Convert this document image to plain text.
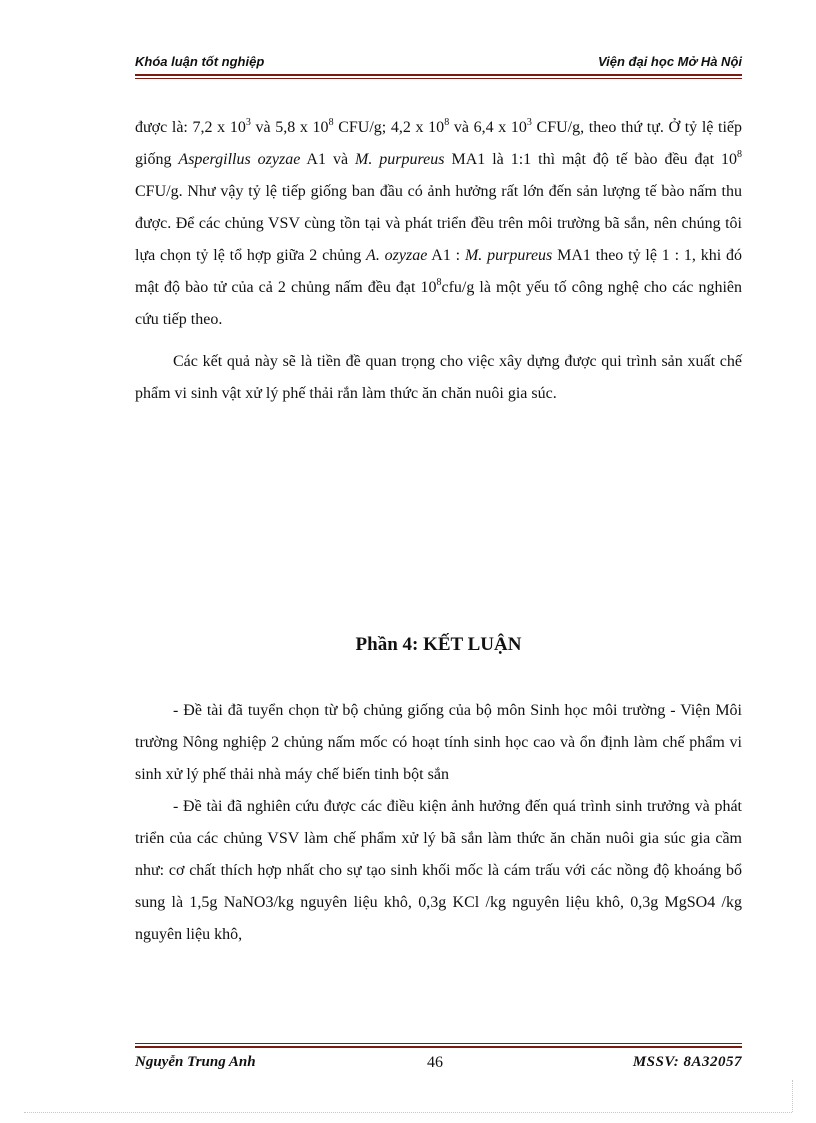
Khóa luận tốt nghiệp	Viện đại học Mở Hà Nội

được là: 7,2 x $10^3$ và 5,8 x $10^8$ CFU/g; 4,2 x $10^8$ và 6,4 x $10^3$ CFU/g, theo thứ tự. Ở tỷ lệ tiếp giống Aspergillus ozyzae A1 và M. purpureus MA1 là 1:1 thì mật độ tế bào đều đạt $10^8$ CFU/g. Như vậy tỷ lệ tiếp giống ban đầu có ảnh hưởng rất lớn đến sản lượng tế bào nấm thu được. Để các chủng VSV cùng tồn tại và phát triển đều trên môi trường bã sắn, nên chúng tôi lựa chọn tỷ lệ tổ hợp giữa 2 chủng A. ozyzae A1 : M. purpureus MA1 theo tỷ lệ 1 : 1, khi đó mật độ bào tử của cả 2 chủng nấm đều đạt $10^8cfu/g$ là một yếu tố công nghệ cho các nghiên cứu tiếp theo.

Các kết quả này sẽ là tiền đề quan trọng cho việc xây dựng được qui trình sản xuất chế phẩm vi sinh vật xử lý phế thải rắn làm thức ăn chăn nuôi gia súc.

Phần 4: KẾT LUẬN

- Đề tài đã tuyển chọn từ bộ chủng giống của bộ môn Sinh học môi trường - Viện Môi trường Nông nghiệp 2 chủng nấm mốc có hoạt tính sinh học cao và ổn định làm chế phẩm vi sinh xử lý phế thải nhà máy chế biến tinh bột sắn

- Đề tài đã nghiên cứu được các điều kiện ảnh hưởng đến quá trình sinh trưởng và phát triển của các chủng VSV làm chế phẩm xử lý bã sắn làm thức ăn chăn nuôi gia súc gia cầm như: cơ chất thích hợp nhất cho sự tạo sinh khối mốc là cám trấu với các nồng độ khoáng bổ sung là 1,5g NaNO3/kg nguyên liệu khô, 0,3g KCl /kg nguyên liệu khô, 0,3g MgSO4 /kg nguyên liệu khô,

Nguyễn Trung Anh	46	MSSV: 8A32057
